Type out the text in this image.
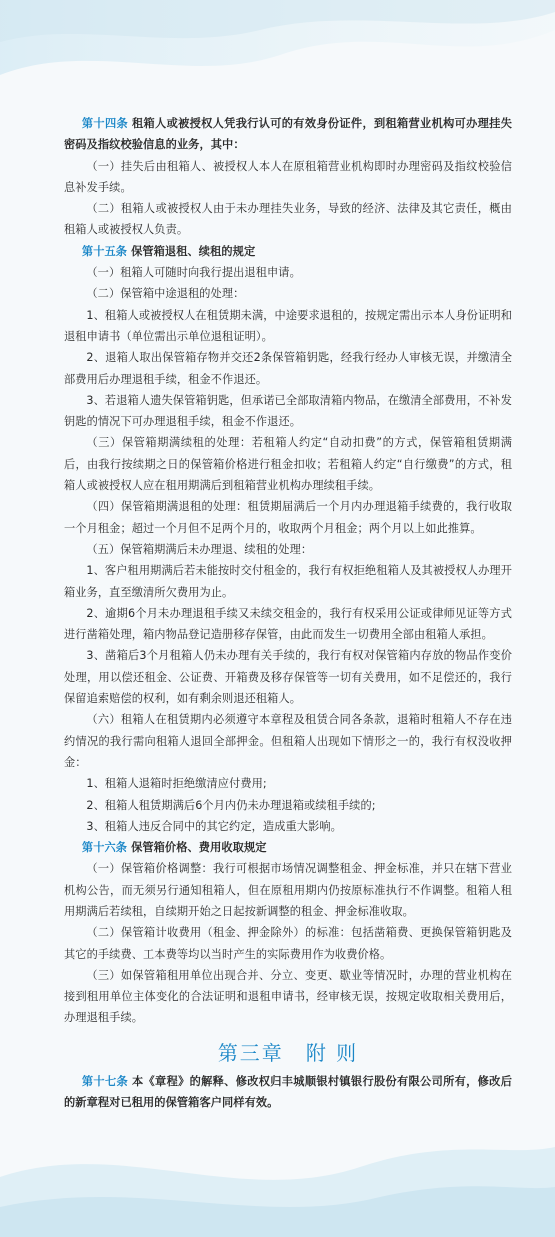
第十四条 租箱人或被授权人凭我行认可的有效身份证件，到租箱营业机构可办理挂失密码及指纹校验信息的业务，其中：

（一）挂失后由租箱人、被授权人本人在原租箱营业机构即时办理密码及指纹校验信息补发手续。

（二）租箱人或被授权人由于未办理挂失业务，导致的经济、法律及其它责任，概由租箱人或被授权人负责。

第十五条 保管箱退租、续租的规定

（一）租箱人可随时向我行提出退租申请。

（二）保管箱中途退租的处理：

1、租箱人或被授权人在租赁期未满，中途要求退租的，按规定需出示本人身份证明和退租申请书（单位需出示单位退租证明）。

2、退箱人取出保管箱存物并交还2条保管箱钥匙，经我行经办人审核无误，并缴清全部费用后办理退租手续，租金不作退还。

3、若退箱人遗失保管箱钥匙，但承诺已全部取清箱内物品，在缴清全部费用，不补发钥匙的情况下可办理退租手续，租金不作退还。

（三）保管箱期满续租的处理：若租箱人约定“自动扣费”的方式，保管箱租赁期满后，由我行按续期之日的保管箱价格进行租金扣收；若租箱人约定“自行缴费”的方式，租箱人或被授权人应在租用期满后到租箱营业机构办理续租手续。

（四）保管箱期满退租的处理：租赁期届满后一个月内办理退箱手续费的，我行收取一个月租金；超过一个月但不足两个月的，收取两个月租金；两个月以上如此推算。

（五）保管箱期满后未办理退、续租的处理：

1、客户租用期满后若未能按时交付租金的，我行有权拒绝租箱人及其被授权人办理开箱业务，直至缴清所欠费用为止。

2、逾期6个月未办理退租手续又未续交租金的，我行有权采用公证或律师见证等方式进行凿箱处理，箱内物品登记造册移存保管，由此而发生一切费用全部由租箱人承担。

3、凿箱后3个月租箱人仍未办理有关手续的，我行有权对保管箱内存放的物品作变价处理，用以偿还租金、公证费、开箱费及移存保管等一切有关费用，如不足偿还的，我行保留追索赔偿的权利，如有剩余则退还租箱人。

（六）租箱人在租赁期内必须遵守本章程及租赁合同各条款，退箱时租箱人不存在违约情况的我行需向租箱人退回全部押金。但租箱人出现如下情形之一的，我行有权没收押金：

1、租箱人退箱时拒绝缴清应付费用;

2、租箱人租赁期满后6个月内仍未办理退箱或续租手续的;

3、租箱人违反合同中的其它约定，造成重大影响。

第十六条 保管箱价格、费用收取规定

（一）保管箱价格调整：我行可根据市场情况调整租金、押金标准，并只在辖下营业机构公告，而无须另行通知租箱人，但在原租用期内仍按原标准执行不作调整。租箱人租用期满后若续租，自续期开始之日起按新调整的租金、押金标准收取。

（二）保管箱计收费用（租金、押金除外）的标准：包括凿箱费、更换保管箱钥匙及其它的手续费、工本费等均以当时产生的实际费用作为收费价格。

（三）如保管箱租用单位出现合并、分立、变更、歇业等情况时，办理的营业机构在接到租用单位主体变化的合法证明和退租申请书，经审核无误，按规定收取相关费用后，办理退租手续。

第三章 附 则

第十七条 本《章程》的解释、修改权归丰城顺银村镇银行股份有限公司所有，修改后的新章程对已租用的保管箱客户同样有效。
